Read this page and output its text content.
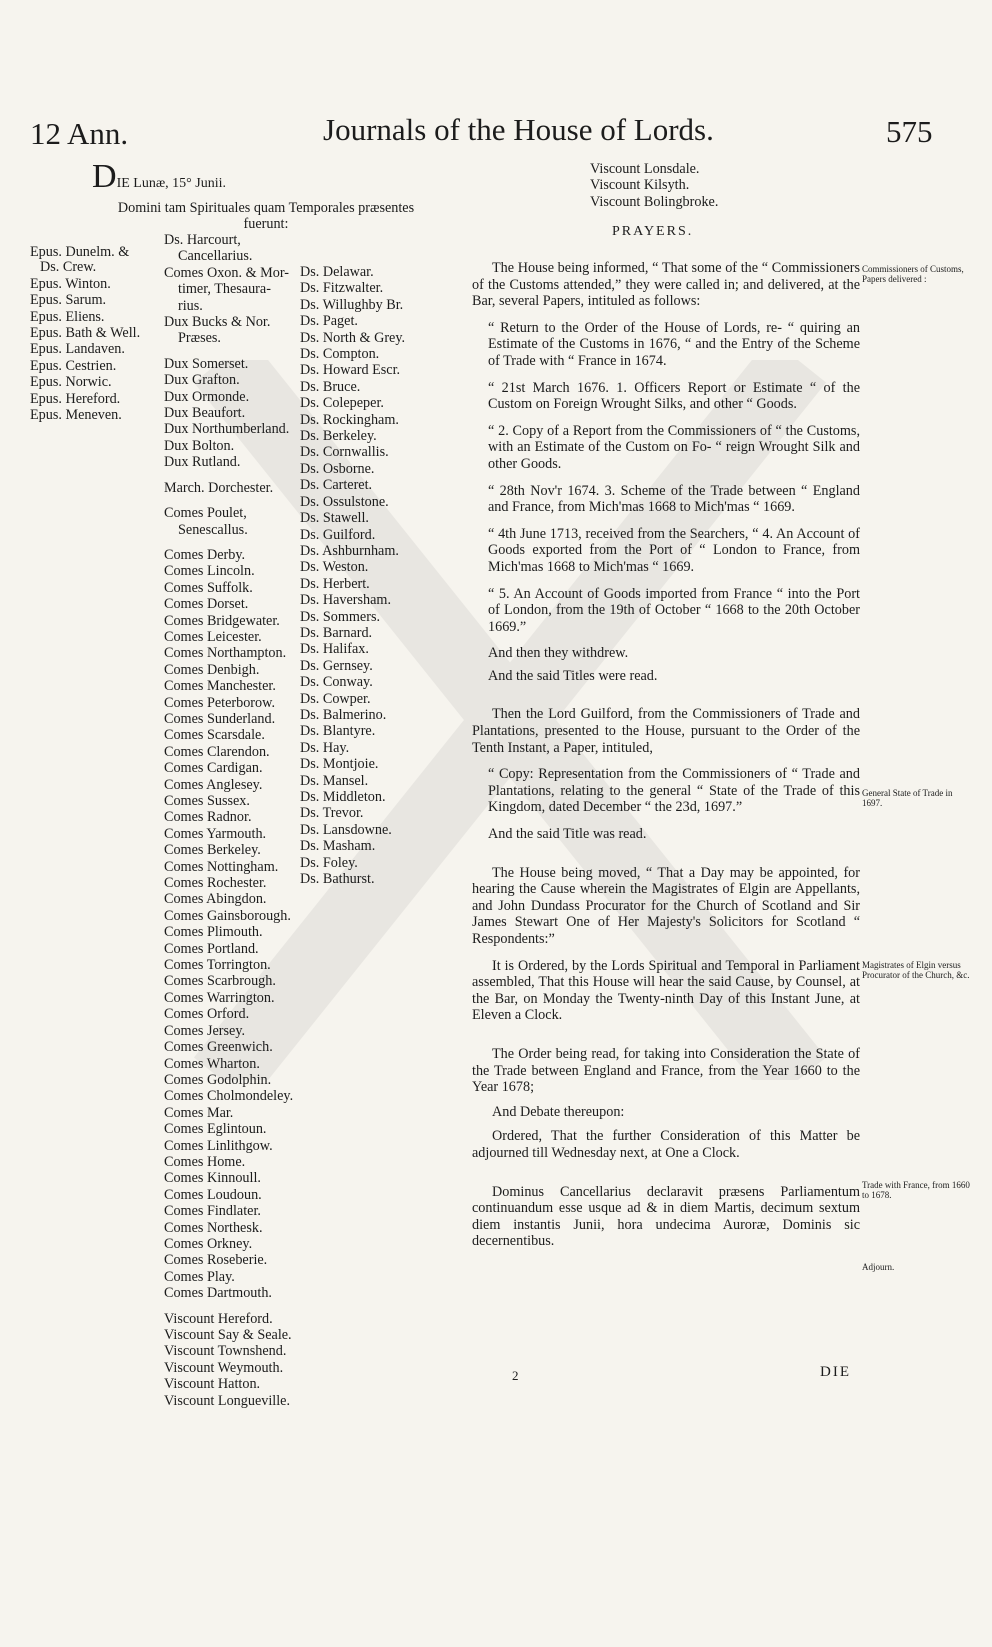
12 Ann.	Journals of the House of Lords.	575
DIE Lunæ, 15° Junii.
Domini tam Spirituales quam Temporales præsentes fuerunt:
Epus. Dunelm. &
Ds. Crew.
Epus. Winton.
Epus. Sarum.
Epus. Eliens.
Epus. Bath & Well.
Epus. Landaven.
Epus. Cestrien.
Epus. Norwic.
Epus. Hereford.
Epus. Meneven.
Ds. Harcourt,
Cancellarius.
Comes Oxon. & Mor-
timer, Thesaura-
rius.
Dux Bucks & Nor.
Præses.
Dux Somerset.
Dux Grafton.
Dux Ormonde.
Dux Beaufort.
Dux Northumberland.
Dux Bolton.
Dux Rutland.
March. Dorchester.
Comes Poulet,
Senescallus.
Comes Derby.
Comes Lincoln.
Comes Suffolk.
Comes Dorset.
Comes Bridgewater.
Comes Leicester.
Comes Northampton.
Comes Denbigh.
Comes Manchester.
Comes Peterborow.
Comes Sunderland.
Comes Scarsdale.
Comes Clarendon.
Comes Cardigan.
Comes Anglesey.
Comes Sussex.
Comes Radnor.
Comes Yarmouth.
Comes Berkeley.
Comes Nottingham.
Comes Rochester.
Comes Abingdon.
Comes Gainsborough.
Comes Plimouth.
Comes Portland.
Comes Torrington.
Comes Scarbrough.
Comes Warrington.
Comes Orford.
Comes Jersey.
Comes Greenwich.
Comes Wharton.
Comes Godolphin.
Comes Cholmondeley.
Comes Mar.
Comes Eglintoun.
Comes Linlithgow.
Comes Home.
Comes Kinnoull.
Comes Loudoun.
Comes Findlater.
Comes Northesk.
Comes Orkney.
Comes Roseberie.
Comes Play.
Comes Dartmouth.
Viscount Hereford.
Viscount Say & Seale.
Viscount Townshend.
Viscount Weymouth.
Viscount Hatton.
Viscount Longueville.
Ds. Delawar.
Ds. Fitzwalter.
Ds. Willughby Br.
Ds. Paget.
Ds. North & Grey.
Ds. Compton.
Ds. Howard Escr.
Ds. Bruce.
Ds. Colepeper.
Ds. Rockingham.
Ds. Berkeley.
Ds. Cornwallis.
Ds. Osborne.
Ds. Carteret.
Ds. Ossulstone.
Ds. Stawell.
Ds. Guilford.
Ds. Ashburnham.
Ds. Weston.
Ds. Herbert.
Ds. Haversham.
Ds. Sommers.
Ds. Barnard.
Ds. Halifax.
Ds. Gernsey.
Ds. Conway.
Ds. Cowper.
Ds. Balmerino.
Ds. Blantyre.
Ds. Hay.
Ds. Montjoie.
Ds. Mansel.
Ds. Middleton.
Ds. Trevor.
Ds. Lansdowne.
Ds. Masham.
Ds. Foley.
Ds. Bathurst.
Viscount Lonsdale.
Viscount Kilsyth.
Viscount Bolingbroke.
PRAYERS.

The House being informed, “ That some of the “ Commissioners of the Customs attended,” they were called in; and delivered, at the Bar, several Papers, intituled as follows:

“ Return to the Order of the House of Lords, re- “ quiring an Estimate of the Customs in 1676, “ and the Entry of the Scheme of Trade with “ France in 1674.

“ 21st March 1676. 1. Officers Report or Estimate “ of the Custom on Foreign Wrought Silks, and other “ Goods.

“ 2. Copy of a Report from the Commissioners of “ the Customs, with an Estimate of the Custom on Fo- “ reign Wrought Silk and other Goods.

“ 28th Nov'r 1674. 3. Scheme of the Trade between “ England and France, from Mich'mas 1668 to Mich'mas “ 1669.

“ 4th June 1713, received from the Searchers, “ 4. An Account of Goods exported from the Port of “ London to France, from Mich'mas 1668 to Mich'mas “ 1669.

“ 5. An Account of Goods imported from France “ into the Port of London, from the 19th of October “ 1668 to the 20th October 1669.”

And then they withdrew.

And the said Titles were read.

Then the Lord Guilford, from the Commissioners of Trade and Plantations, presented to the House, pursuant to the Order of the Tenth Instant, a Paper, intituled,

“ Copy: Representation from the Commissioners of “ Trade and Plantations, relating to the general “ State of the Trade of this Kingdom, dated December “ the 23d, 1697.”

And the said Title was read.

The House being moved, “ That a Day may be appointed, for hearing the Cause wherein the Magistrates of Elgin are Appellants, and John Dundass Procurator for the Church of Scotland and Sir James Stewart One of Her Majesty's Solicitors for Scotland “ Respondents:”

It is Ordered, by the Lords Spiritual and Temporal in Parliament assembled, That this House will hear the said Cause, by Counsel, at the Bar, on Monday the Twenty-ninth Day of this Instant June, at Eleven a Clock.

The Order being read, for taking into Consideration the State of the Trade between England and France, from the Year 1660 to the Year 1678;

And Debate thereupon:

Ordered, That the further Consideration of this Matter be adjourned till Wednesday next, at One a Clock.

Dominus Cancellarius declaravit præsens Parliamentum continuandum esse usque ad & in diem Martis, decimum sextum diem instantis Junii, hora undecima Auroræ, Dominis sic decernentibus.

Commissioners of Customs, Papers delivered :
General State of Trade in 1697.
Magistrates of Elgin versus Procurator of the Church, &c.
Trade with France, from 1660 to 1678.
Adjourn.
2	DIE
